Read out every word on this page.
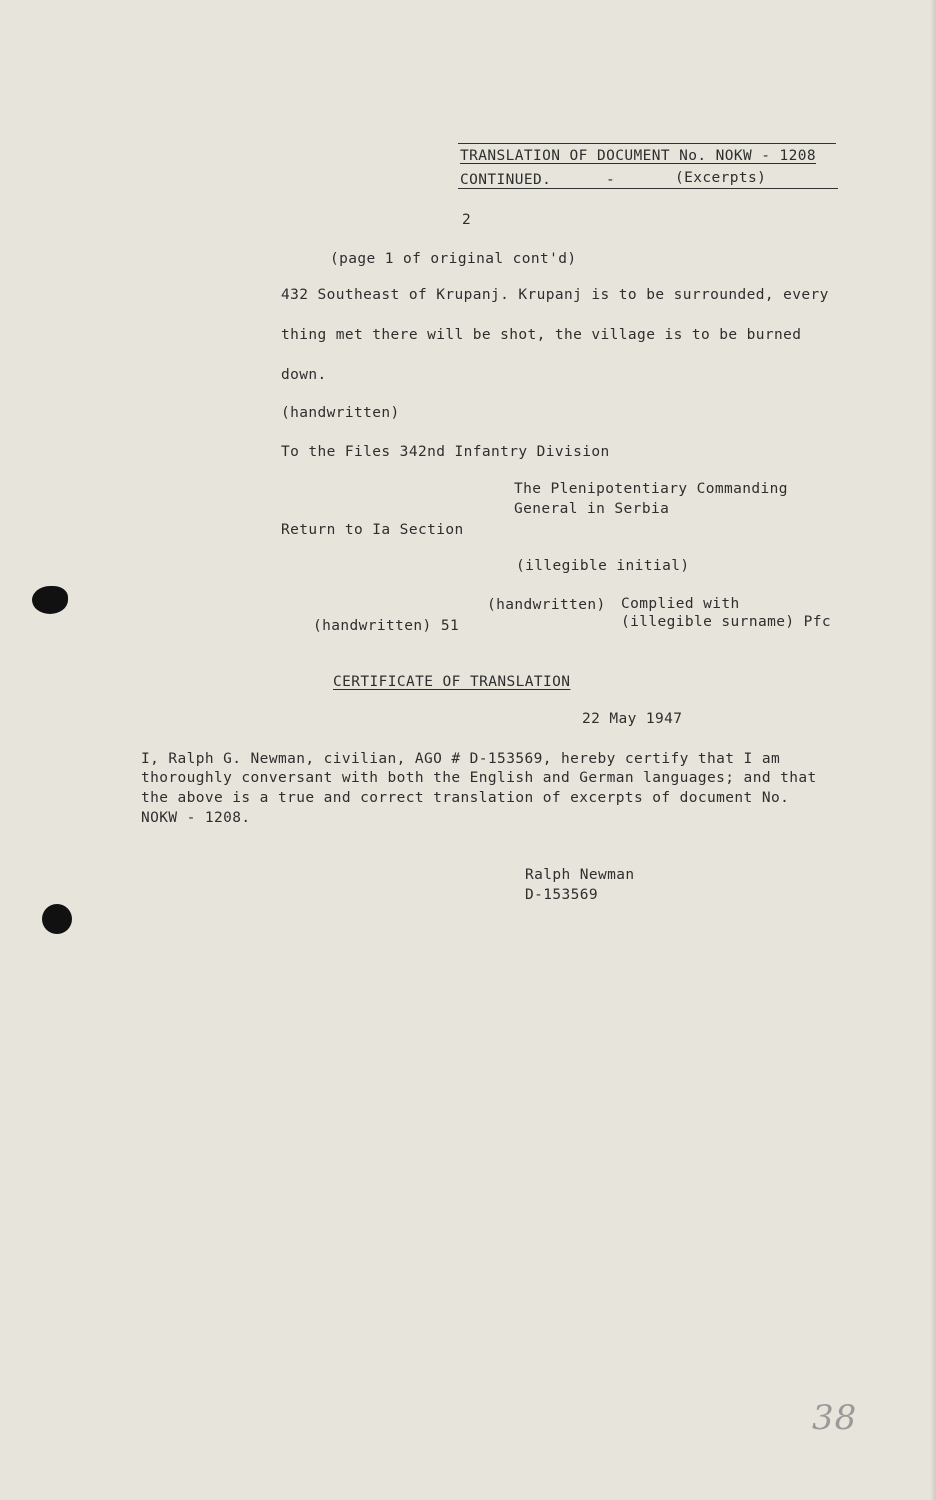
TRANSLATION OF DOCUMENT No. NOKW - 1208
CONTINUED.	-	(Excerpts)
2
(page 1 of original cont'd)
432 Southeast of Krupanj. Krupanj is to be surrounded, every
thing met there will be shot, the village is to be burned
down.
(handwritten)
To the Files 342nd Infantry Division
The Plenipotentiary Commanding
General in Serbia
Return to Ia Section
(illegible initial)
(handwritten) Complied with
(handwritten) 51	(illegible surname) Pfc
CERTIFICATE OF TRANSLATION
22 May 1947
I, Ralph G. Newman, civilian, AGO # D-153569, hereby certify that I am
thoroughly conversant with both the English and German languages; and that
the above is a true and correct translation of excerpts of document No.
NOKW - 1208.
Ralph Newman
D-153569
38
